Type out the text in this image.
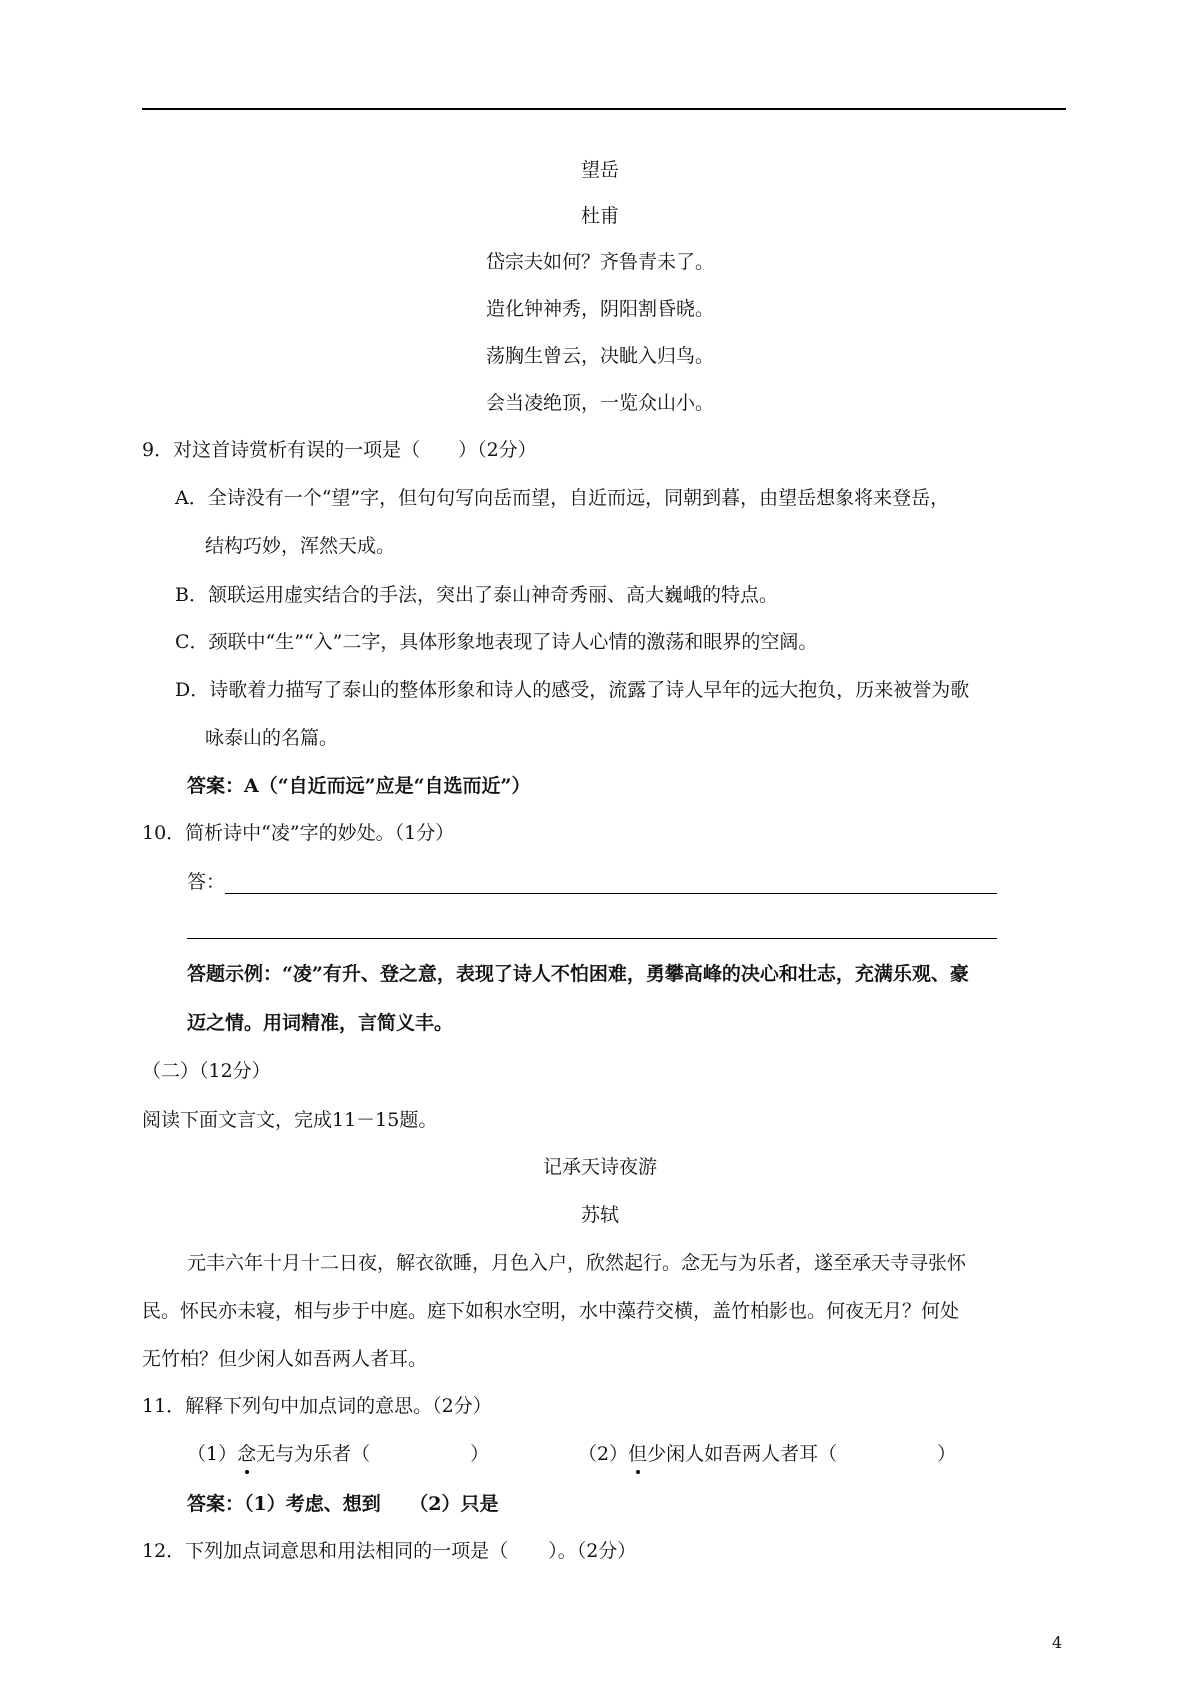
望岳
杜甫
岱宗夫如何？齐鲁青未了。
造化钟神秀，阴阳割昏晓。
荡胸生曾云，决眦入归鸟。
会当凌绝顶，一览众山小。
9．对这首诗赏析有误的一项是（　　）（2分）
A．全诗没有一个“望”字，但句句写向岳而望，自近而远，同朝到暮，由望岳想象将来登岳，
结构巧妙，浑然天成。
B．颔联运用虚实结合的手法，突出了泰山神奇秀丽、高大巍峨的特点。
C．颈联中“生”“入”二字，具体形象地表现了诗人心情的激荡和眼界的空阔。
D．诗歌着力描写了泰山的整体形象和诗人的感受，流露了诗人早年的远大抱负，历来被誉为歌
咏泰山的名篇。
答案：A（“自近而远”应是“自选而近”）
10．简析诗中“凌”字的妙处。（1分）
答：
答题示例：“凌”有升、登之意，表现了诗人不怕困难，勇攀高峰的决心和壮志，充满乐观、豪
迈之情。用词精准，言简义丰。
（二）（12分）
阅读下面文言文，完成11－15题。
记承天诗夜游
苏轼
元丰六年十月十二日夜，解衣欲睡，月色入户，欣然起行。念无与为乐者，遂至承天寺寻张怀
民。怀民亦未寝，相与步于中庭。庭下如积水空明，水中藻荇交横，盖竹柏影也。何夜无月？何处
无竹柏？但少闲人如吾两人者耳。
11．解释下列句中加点词的意思。（2分）
（1）念无与为乐者（	）	（2）但少闲人如吾两人者耳（	）
答案：（1）考虑、想到　　（2）只是
12．下列加点词意思和用法相同的一项是（ ）。（2分）
4
